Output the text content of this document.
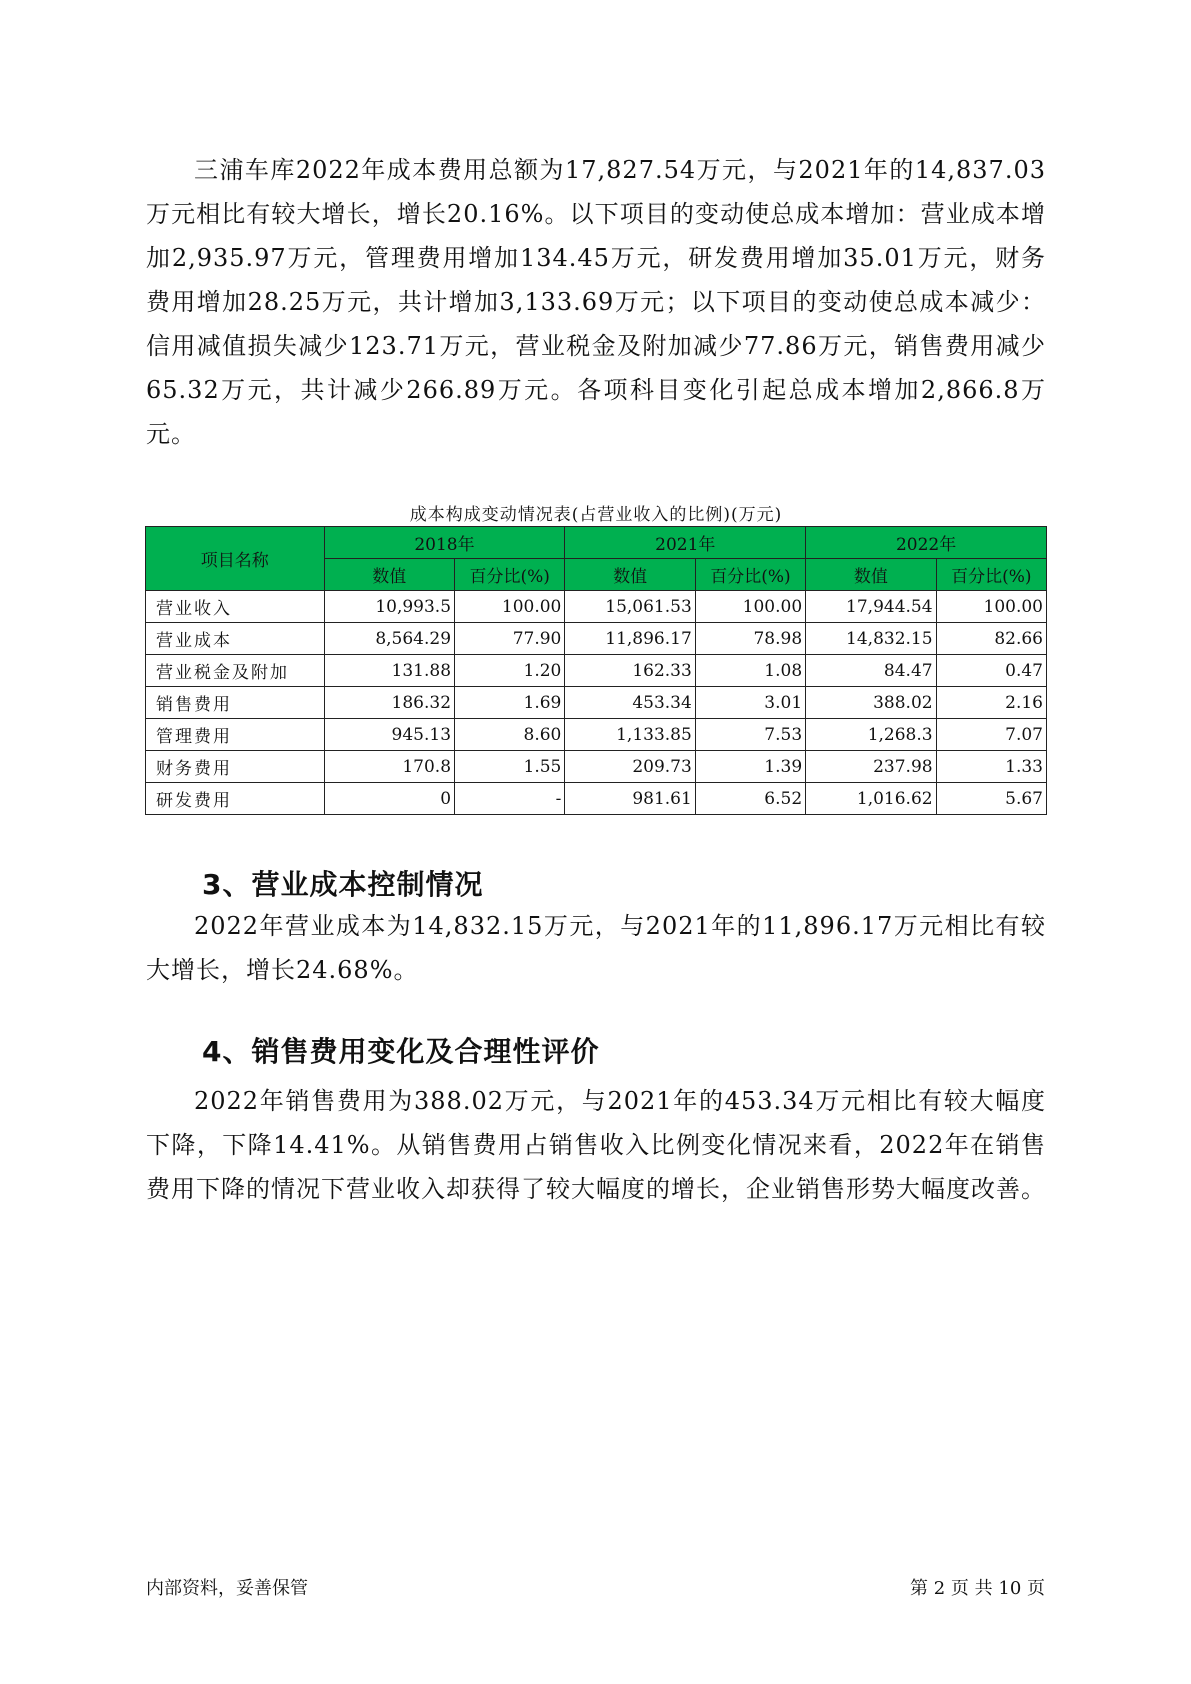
三浦车库2022年成本费用总额为17,827.54万元，与2021年的14,837.03万元相比有较大增长，增长20.16%。以下项目的变动使总成本增加：营业成本增加2,935.97万元，管理费用增加134.45万元，研发费用增加35.01万元，财务费用增加28.25万元，共计增加3,133.69万元；以下项目的变动使总成本减少：信用减值损失减少123.71万元，营业税金及附加减少77.86万元，销售费用减少65.32万元，共计减少266.89万元。各项科目变化引起总成本增加2,866.8万元。

成本构成变动情况表(占营业收入的比例)(万元)
项目名称	2018年		2021年		2022年	
	数值	百分比(%)	数值	百分比(%)	数值	百分比(%)
营业收入	10,993.5	100.00	15,061.53	100.00	17,944.54	100.00
营业成本	8,564.29	77.90	11,896.17	78.98	14,832.15	82.66
营业税金及附加	131.88	1.20	162.33	1.08	84.47	0.47
销售费用	186.32	1.69	453.34	3.01	388.02	2.16
管理费用	945.13	8.60	1,133.85	7.53	1,268.3	7.07
财务费用	170.8	1.55	209.73	1.39	237.98	1.33
研发费用	0	-	981.61	6.52	1,016.62	5.67
3、营业成本控制情况

2022年营业成本为14,832.15万元，与2021年的11,896.17万元相比有较大增长，增长24.68%。

4、销售费用变化及合理性评价

2022年销售费用为388.02万元，与2021年的453.34万元相比有较大幅度下降，下降14.41%。从销售费用占销售收入比例变化情况来看，2022年在销售费用下降的情况下营业收入却获得了较大幅度的增长，企业销售形势大幅度改善。

内部资料，妥善保管	第 2 页 共 10 页
